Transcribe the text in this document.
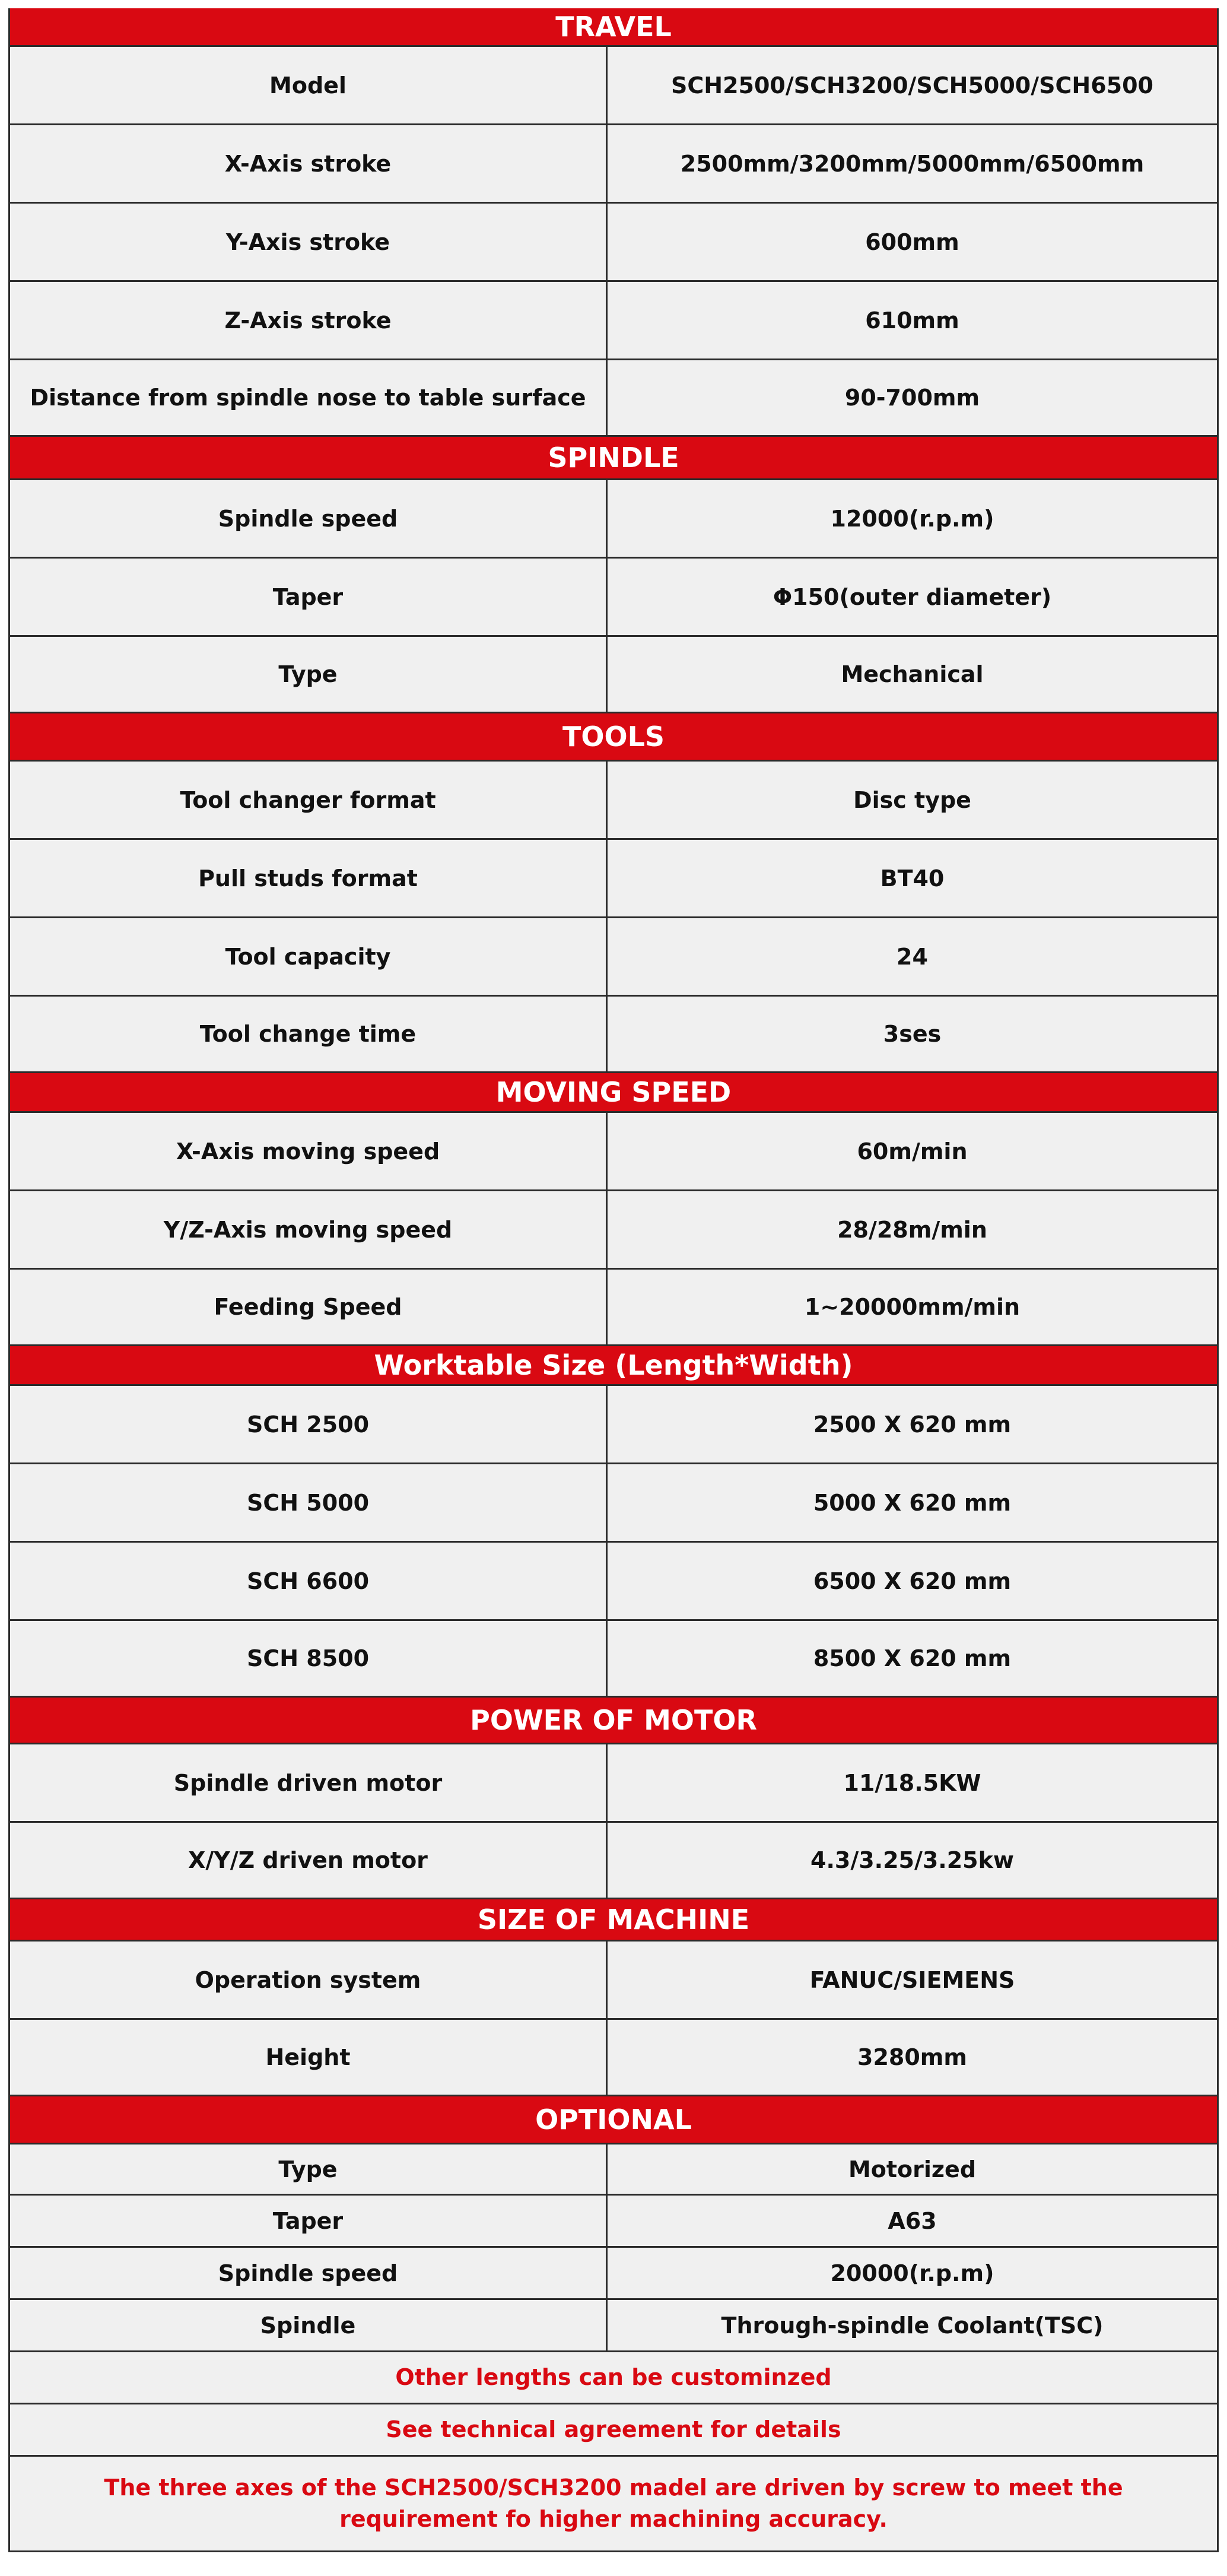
TRAVEL
Model	SCH2500/SCH3200/SCH5000/SCH6500
X-Axis stroke	2500mm/3200mm/5000mm/6500mm
Y-Axis stroke	600mm
Z-Axis stroke	610mm
Distance from spindle nose to table surface	90-700mm
SPINDLE
Spindle speed	12000(r.p.m)
Taper	Φ150(outer diameter)
Type	Mechanical
TOOLS
Tool changer format	Disc type
Pull studs format	BT40
Tool capacity	24
Tool change time	3ses
MOVING SPEED
X-Axis moving speed	60m/min
Y/Z-Axis moving speed	28/28m/min
Feeding Speed	1~20000mm/min
Worktable Size (Length*Width)
SCH 2500	2500 X 620 mm
SCH 5000	5000 X 620 mm
SCH 6600	6500 X 620 mm
SCH 8500	8500 X 620 mm
POWER OF MOTOR
Spindle driven motor	11/18.5KW
X/Y/Z driven motor	4.3/3.25/3.25kw
SIZE OF MACHINE
Operation system	FANUC/SIEMENS
Height	3280mm
OPTIONAL
Type	Motorized
Taper	A63
Spindle speed	20000(r.p.m)
Spindle	Through-spindle Coolant(TSC)
Other lengths can be custominzed
See technical agreement for details
The three axes of the SCH2500/SCH3200 madel are driven by screw to meet the requirement fo higher machining accuracy.
